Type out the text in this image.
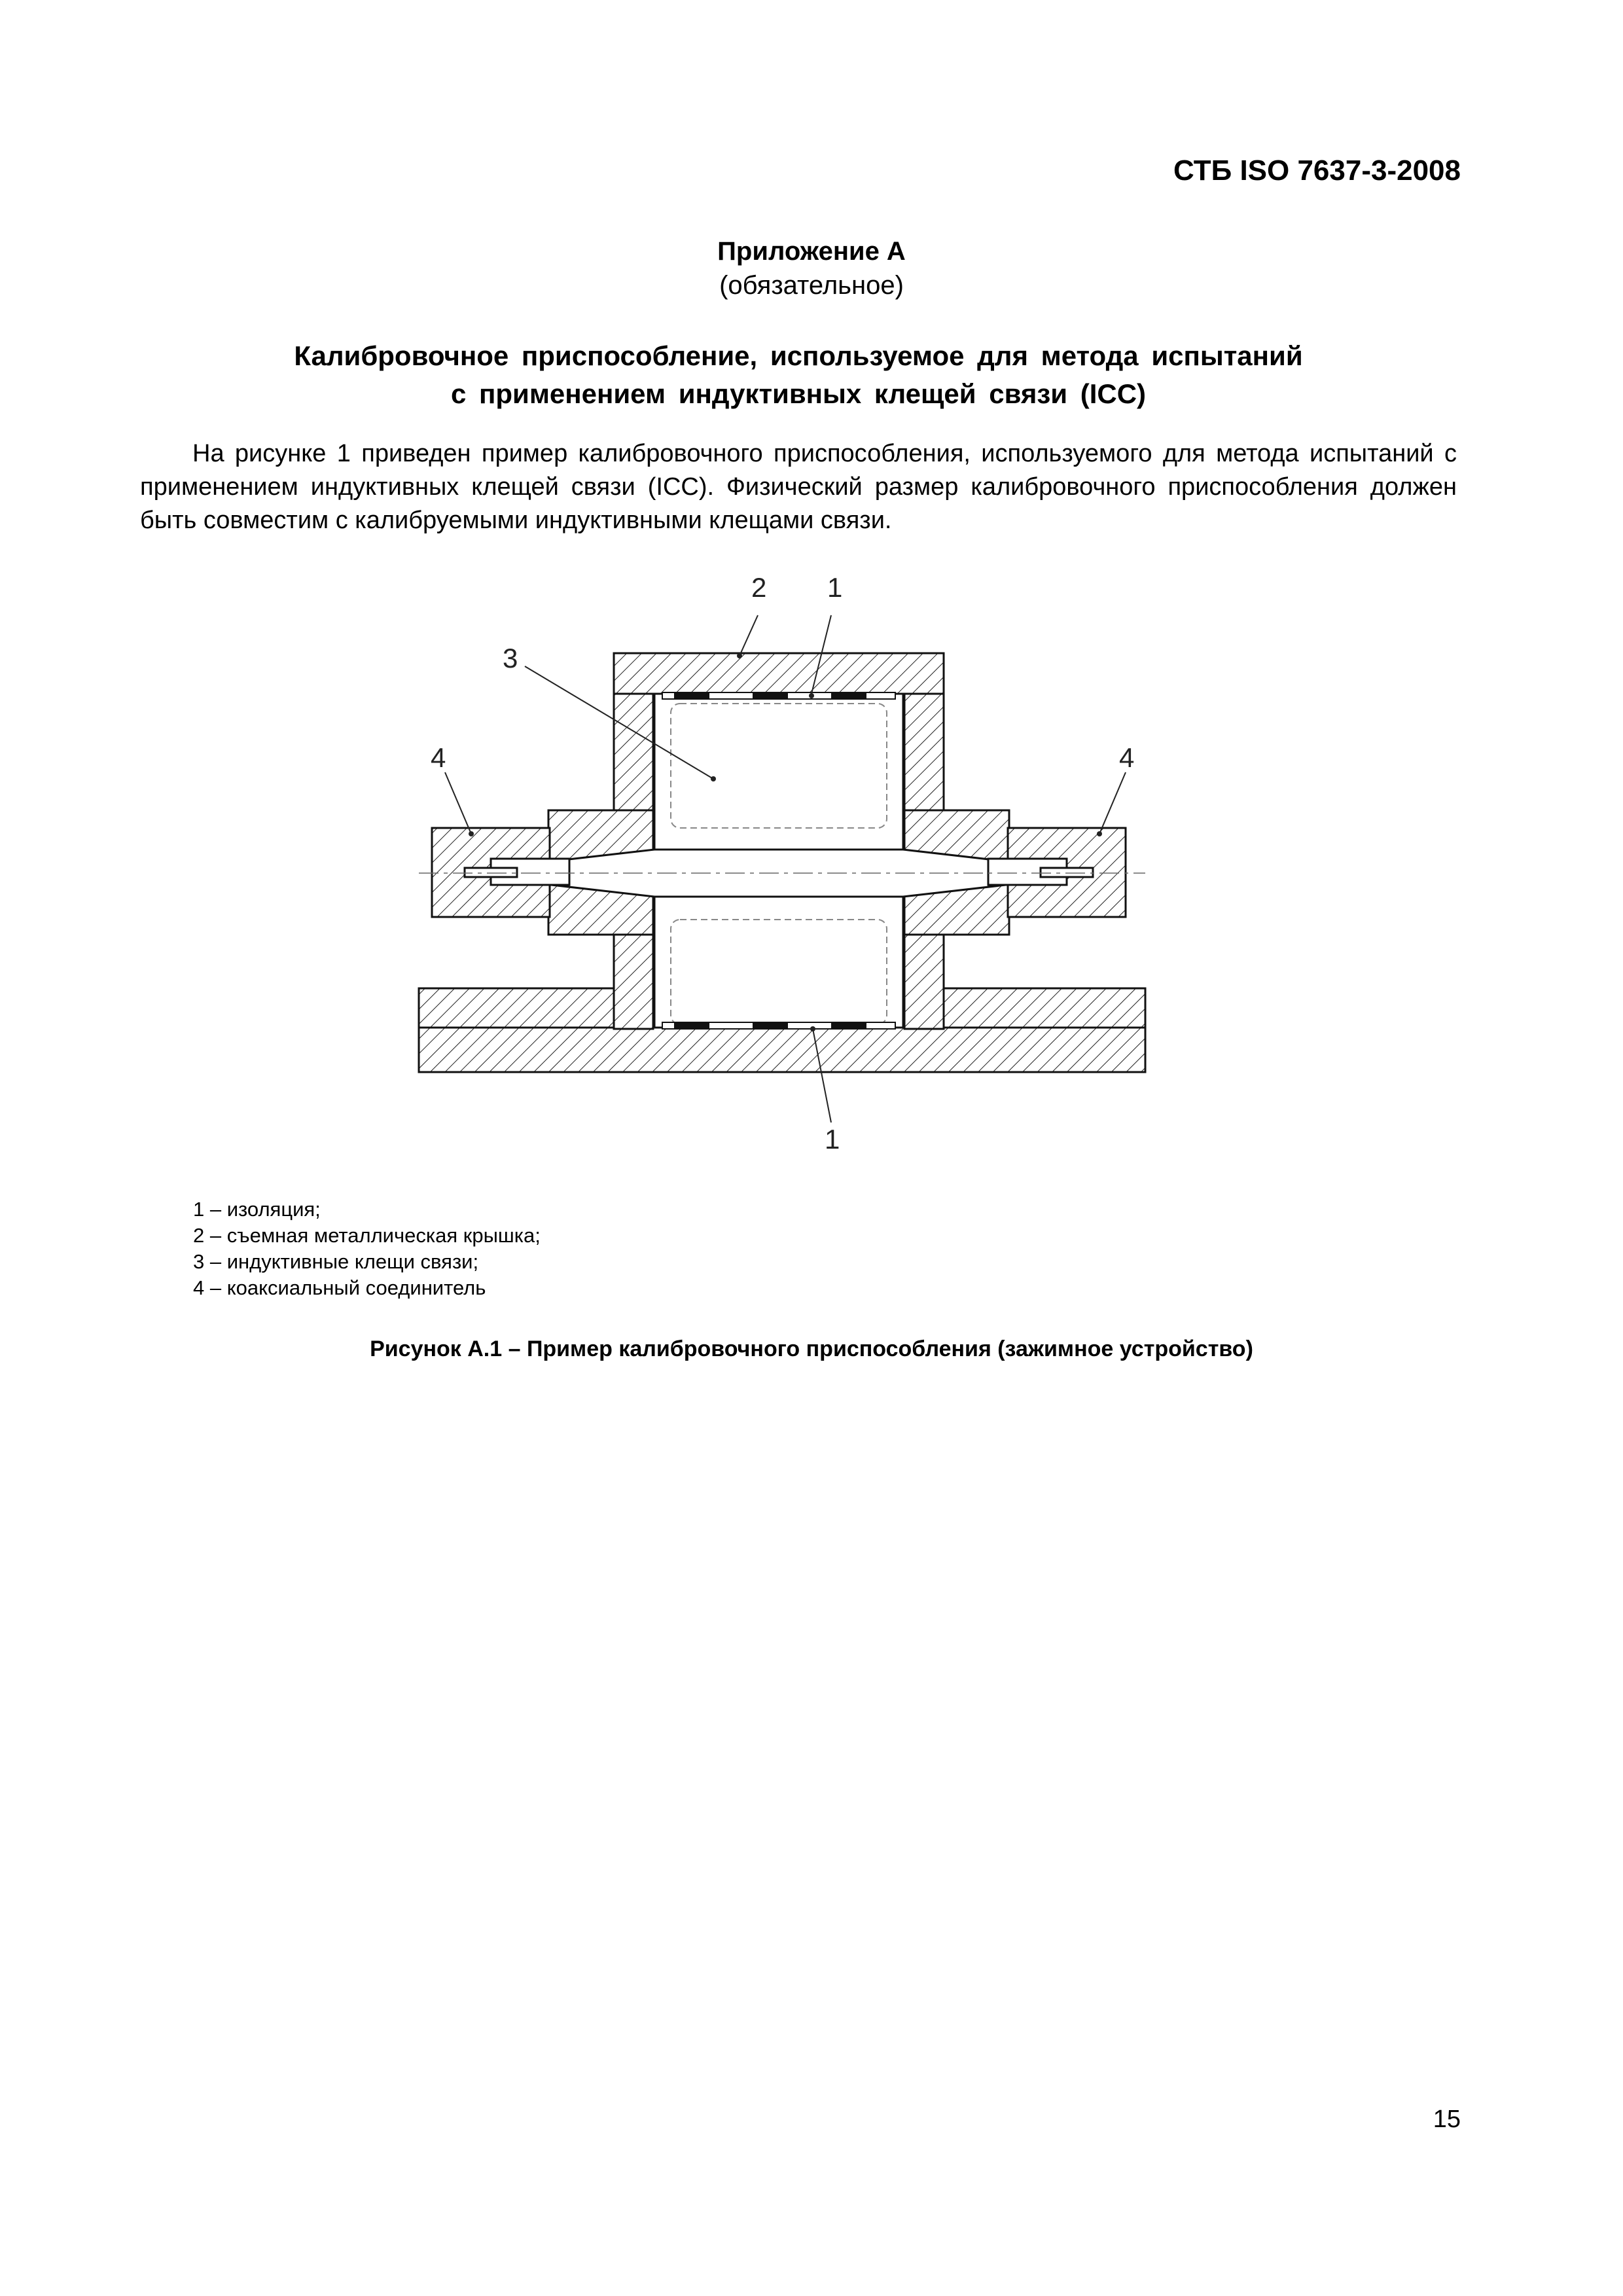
СТБ ISO 7637-3-2008
Приложение А
(обязательное)
Калибровочное приспособление, используемое для метода испытаний
с применением индуктивных клещей связи (ICC)
На рисунке 1 приведен пример калибровочного приспособления, используемого для метода испытаний с применением индуктивных клещей связи (ICC). Физический размер калибровочного приспособления должен быть совместим с калибруемыми индуктивными клещами связи.
2 1
3
4	4
1
1 – изоляция;
2 – съемная металлическая крышка;
3 – индуктивные клещи связи;
4 – коаксиальный соединитель
Рисунок А.1 – Пример калибровочного приспособления (зажимное устройство)
15
